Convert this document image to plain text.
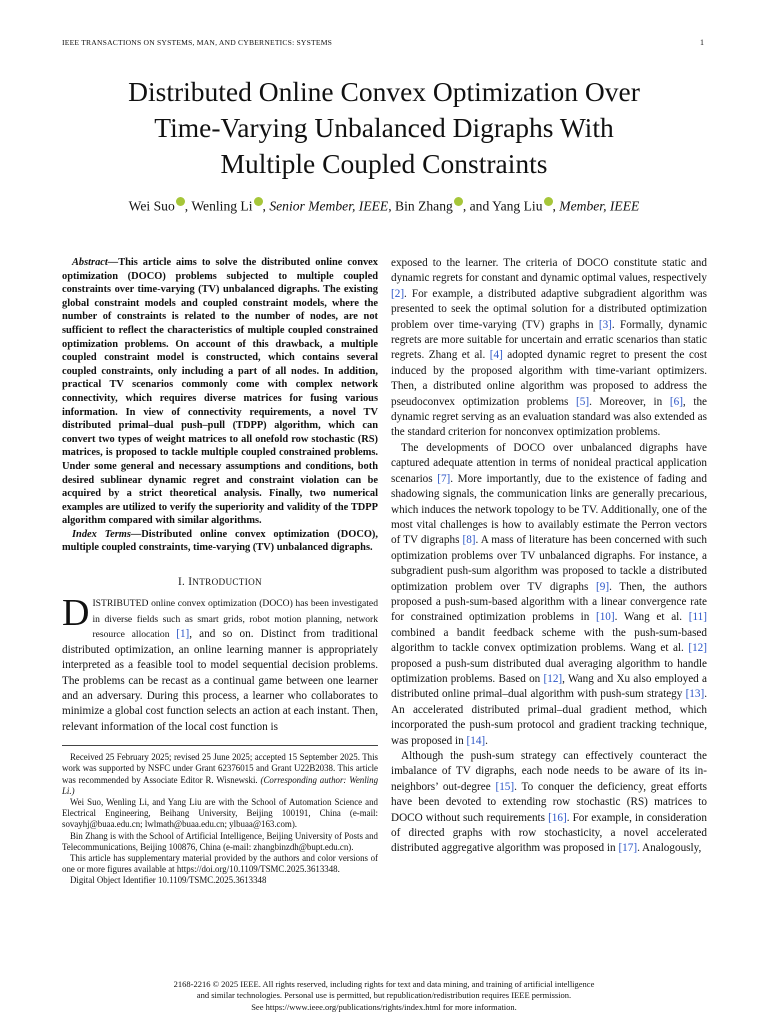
IEEE TRANSACTIONS ON SYSTEMS, MAN, AND CYBERNETICS: SYSTEMS	1
Distributed Online Convex Optimization Over
Time-Varying Unbalanced Digraphs With
Multiple Coupled Constraints
Wei Suo , Wenling Li , Senior Member, IEEE, Bin Zhang , and Yang Liu , Member, IEEE

Abstract—This article aims to solve the distributed online convex optimization (DOCO) problems subjected to multiple coupled constraints over time-varying (TV) unbalanced digraphs. The existing global constraint models and coupled constraint models, where the number of constraints is related to the number of nodes, are not sufficient to reflect the characteristics of multiple coupled constrained optimization problems. On account of this drawback, a multiple coupled constraint model is constructed, which contains several coupled constraints, only including a part of all nodes. In addition, practical TV scenarios commonly come with complex network connectivity, which requires diverse matrices for fusing various information. In view of connectivity requirements, a novel TV distributed primal–dual push–pull (TDPP) algorithm, which can convert two types of weight matrices to all onefold row stochastic (RS) matrices, is proposed to tackle multiple coupled constrained problems. Under some general and necessary assumptions and conditions, both desired sublinear dynamic regret and constraint violation can be acquired by a strict theoretical analysis. Finally, two numerical examples are utilized to verify the superiority and validity of the TDPP algorithm compared with similar algorithms.

Index Terms—Distributed online convex optimization (DOCO), multiple coupled constraints, time-varying (TV) unbalanced digraphs.

I. INTRODUCTION

DISTRIBUTED online convex optimization (DOCO) has been investigated in diverse fields such as smart grids, robot motion planning, network resource allocation [1], and so on. Distinct from traditional distributed optimization, an online learning manner is appropriately interpreted as a feasible tool to model sequential decision problems. The problems can be recast as a continual game between one learner and an adversary. During this process, a learner who collaborates to minimize a global cost function selects an action at each instant. Then, relevant information of the local cost function is

Received 25 February 2025; revised 25 June 2025; accepted 15 September 2025. This work was supported by NSFC under Grant 62376015 and Grant U22B2038. This article was recommended by Associate Editor R. Wisnewski. (Corresponding author: Wenling Li.)

Wei Suo, Wenling Li, and Yang Liu are with the School of Automation Science and Electrical Engineering, Beihang University, Beijing 100191, China (e-mail: sovayhj@buaa.edu.cn; lwlmath@buaa.edu.cn; ylbuaa@163.com).

Bin Zhang is with the School of Artificial Intelligence, Beijing University of Posts and Telecommunications, Beijing 100876, China (e-mail: zhangbinzdh@bupt.edu.cn).

This article has supplementary material provided by the authors and color versions of one or more figures available at https://doi.org/10.1109/TSMC.2025.3613348.

Digital Object Identifier 10.1109/TSMC.2025.3613348

exposed to the learner. The criteria of DOCO constitute static and dynamic regrets for constant and dynamic optimal values, respectively [2]. For example, a distributed adaptive subgradient algorithm was presented to seek the optimal solution for a distributed optimization problem over time-varying (TV) graphs in [3]. Formally, dynamic regrets are more suitable for uncertain and erratic scenarios than static regrets. Zhang et al. [4] adopted dynamic regret to present the cost induced by the proposed algorithm with time-variant optimizers. Then, a distributed online algorithm was proposed to address the pseudoconvex optimization problems [5]. Moreover, in [6], the dynamic regret serving as an evaluation standard was also extended as the standard criterion for nonconvex optimization problems.

The developments of DOCO over unbalanced digraphs have captured adequate attention in terms of nonideal practical application scenarios [7]. More importantly, due to the existence of fading and shadowing signals, the communication links are generally precarious, which induces the network topology to be TV. Additionally, one of the most vital challenges is how to availably estimate the Perron vectors of TV digraphs [8]. A mass of literature has been concerned with such optimization problems over TV unbalanced digraphs. For instance, a subgradient push-sum algorithm was proposed to tackle a distributed optimization problem over TV digraphs [9]. Then, the authors proposed a push-sum-based algorithm with a linear convergence rate for constrained optimization problems in [10]. Wang et al. [11] combined a bandit feedback scheme with the push-sum-based algorithm to tackle convex optimization problems. Wang et al. [12] proposed a push-sum distributed dual averaging algorithm to handle optimization problems. Based on [12], Wang and Xu also employed a distributed online primal–dual algorithm with push-sum strategy [13]. An accelerated distributed primal–dual gradient method, which incorporated the push-sum protocol and gradient tracking technique, was proposed in [14].

Although the push-sum strategy can effectively counteract the imbalance of TV digraphs, each node needs to be aware of its in-neighbors’ out-degree [15]. To conquer the deficiency, great efforts have been devoted to extending row stochastic (RS) matrices to DOCO without such requirements [16]. For example, in consideration of directed graphs with row stochasticity, a novel accelerated distributed aggregative algorithm was proposed in [17]. Analogously,

2168-2216 © 2025 IEEE. All rights reserved, including rights for text and data mining, and training of artificial intelligence
and similar technologies. Personal use is permitted, but republication/redistribution requires IEEE permission.
See https://www.ieee.org/publications/rights/index.html for more information.
